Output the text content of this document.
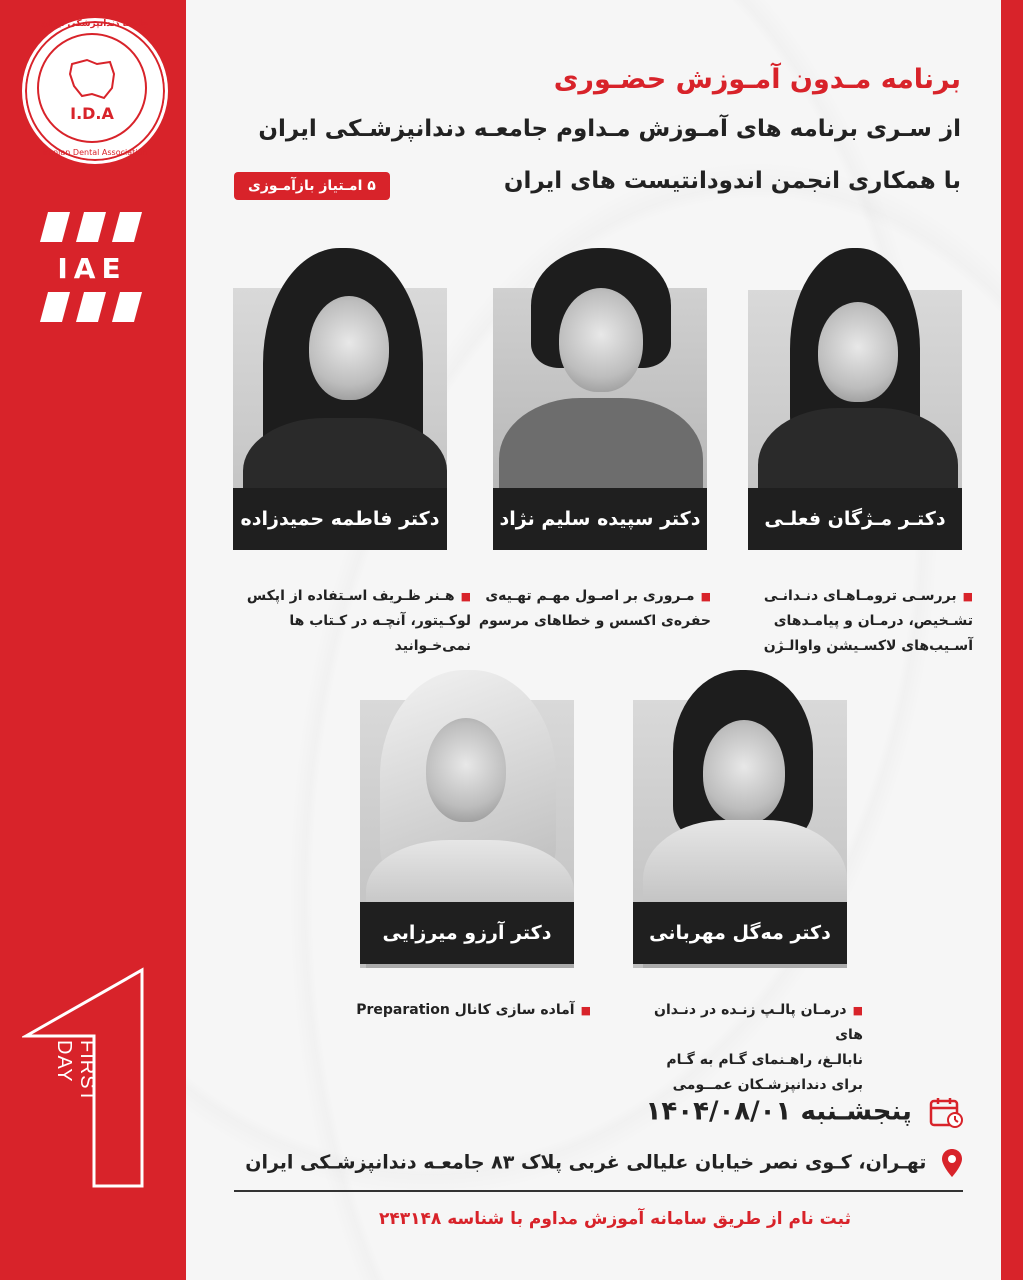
جامعه دندانپزشکی ایران
I.D.A
Iranian Dental Association
IAE
FIRST DAY
برنامه مـدون آمـوزش حضـوری
از سـری برنامه های آمـوزش مـداوم جامعـه دندانپزشـکی ایران
با همکاری انجمن اندودانتیست های ایران
۵ امـتیاز بازآمـوزی
دکتـر مـژگان فعلـی
■بررسـی ترومـاهـای دنـدانـی
تشـخیص، درمـان و پیامـدهای
آسـیب‌های لاکسـیشن واوالـژن
دکتر سپیده سلیم نژاد
■مـروری بر اصـول مهـم تهـیه‌ی
حفره‌ی اکسس و خطاهای مرسوم
دکتر فاطمه حمیدزاده
■هـنر ظـریف اسـتفاده از اپکس
لوکـیتور، آنچـه در کـتاب ها
نمی‌خـوانید
دکتر مه‌گل مهربانی
■درمـان پالـپ زنـده در دنـدان های
نابالـغ، راهـنمای گـام به گـام
برای دندانپزشـکان عمــومی
دکتر آرزو میرزایی
■آماده سازی کانال Preparation
پنجشـنبه ۱۴۰۴/۰۸/۰۱
تهـران، کـوی نصر خیابان علیالی غربی پلاک ۸۳ جامعـه دندانپزشـکی ایران
ثبت نام از طریق سامانه آموزش مداوم با شناسه ۲۴۳۱۴۸
